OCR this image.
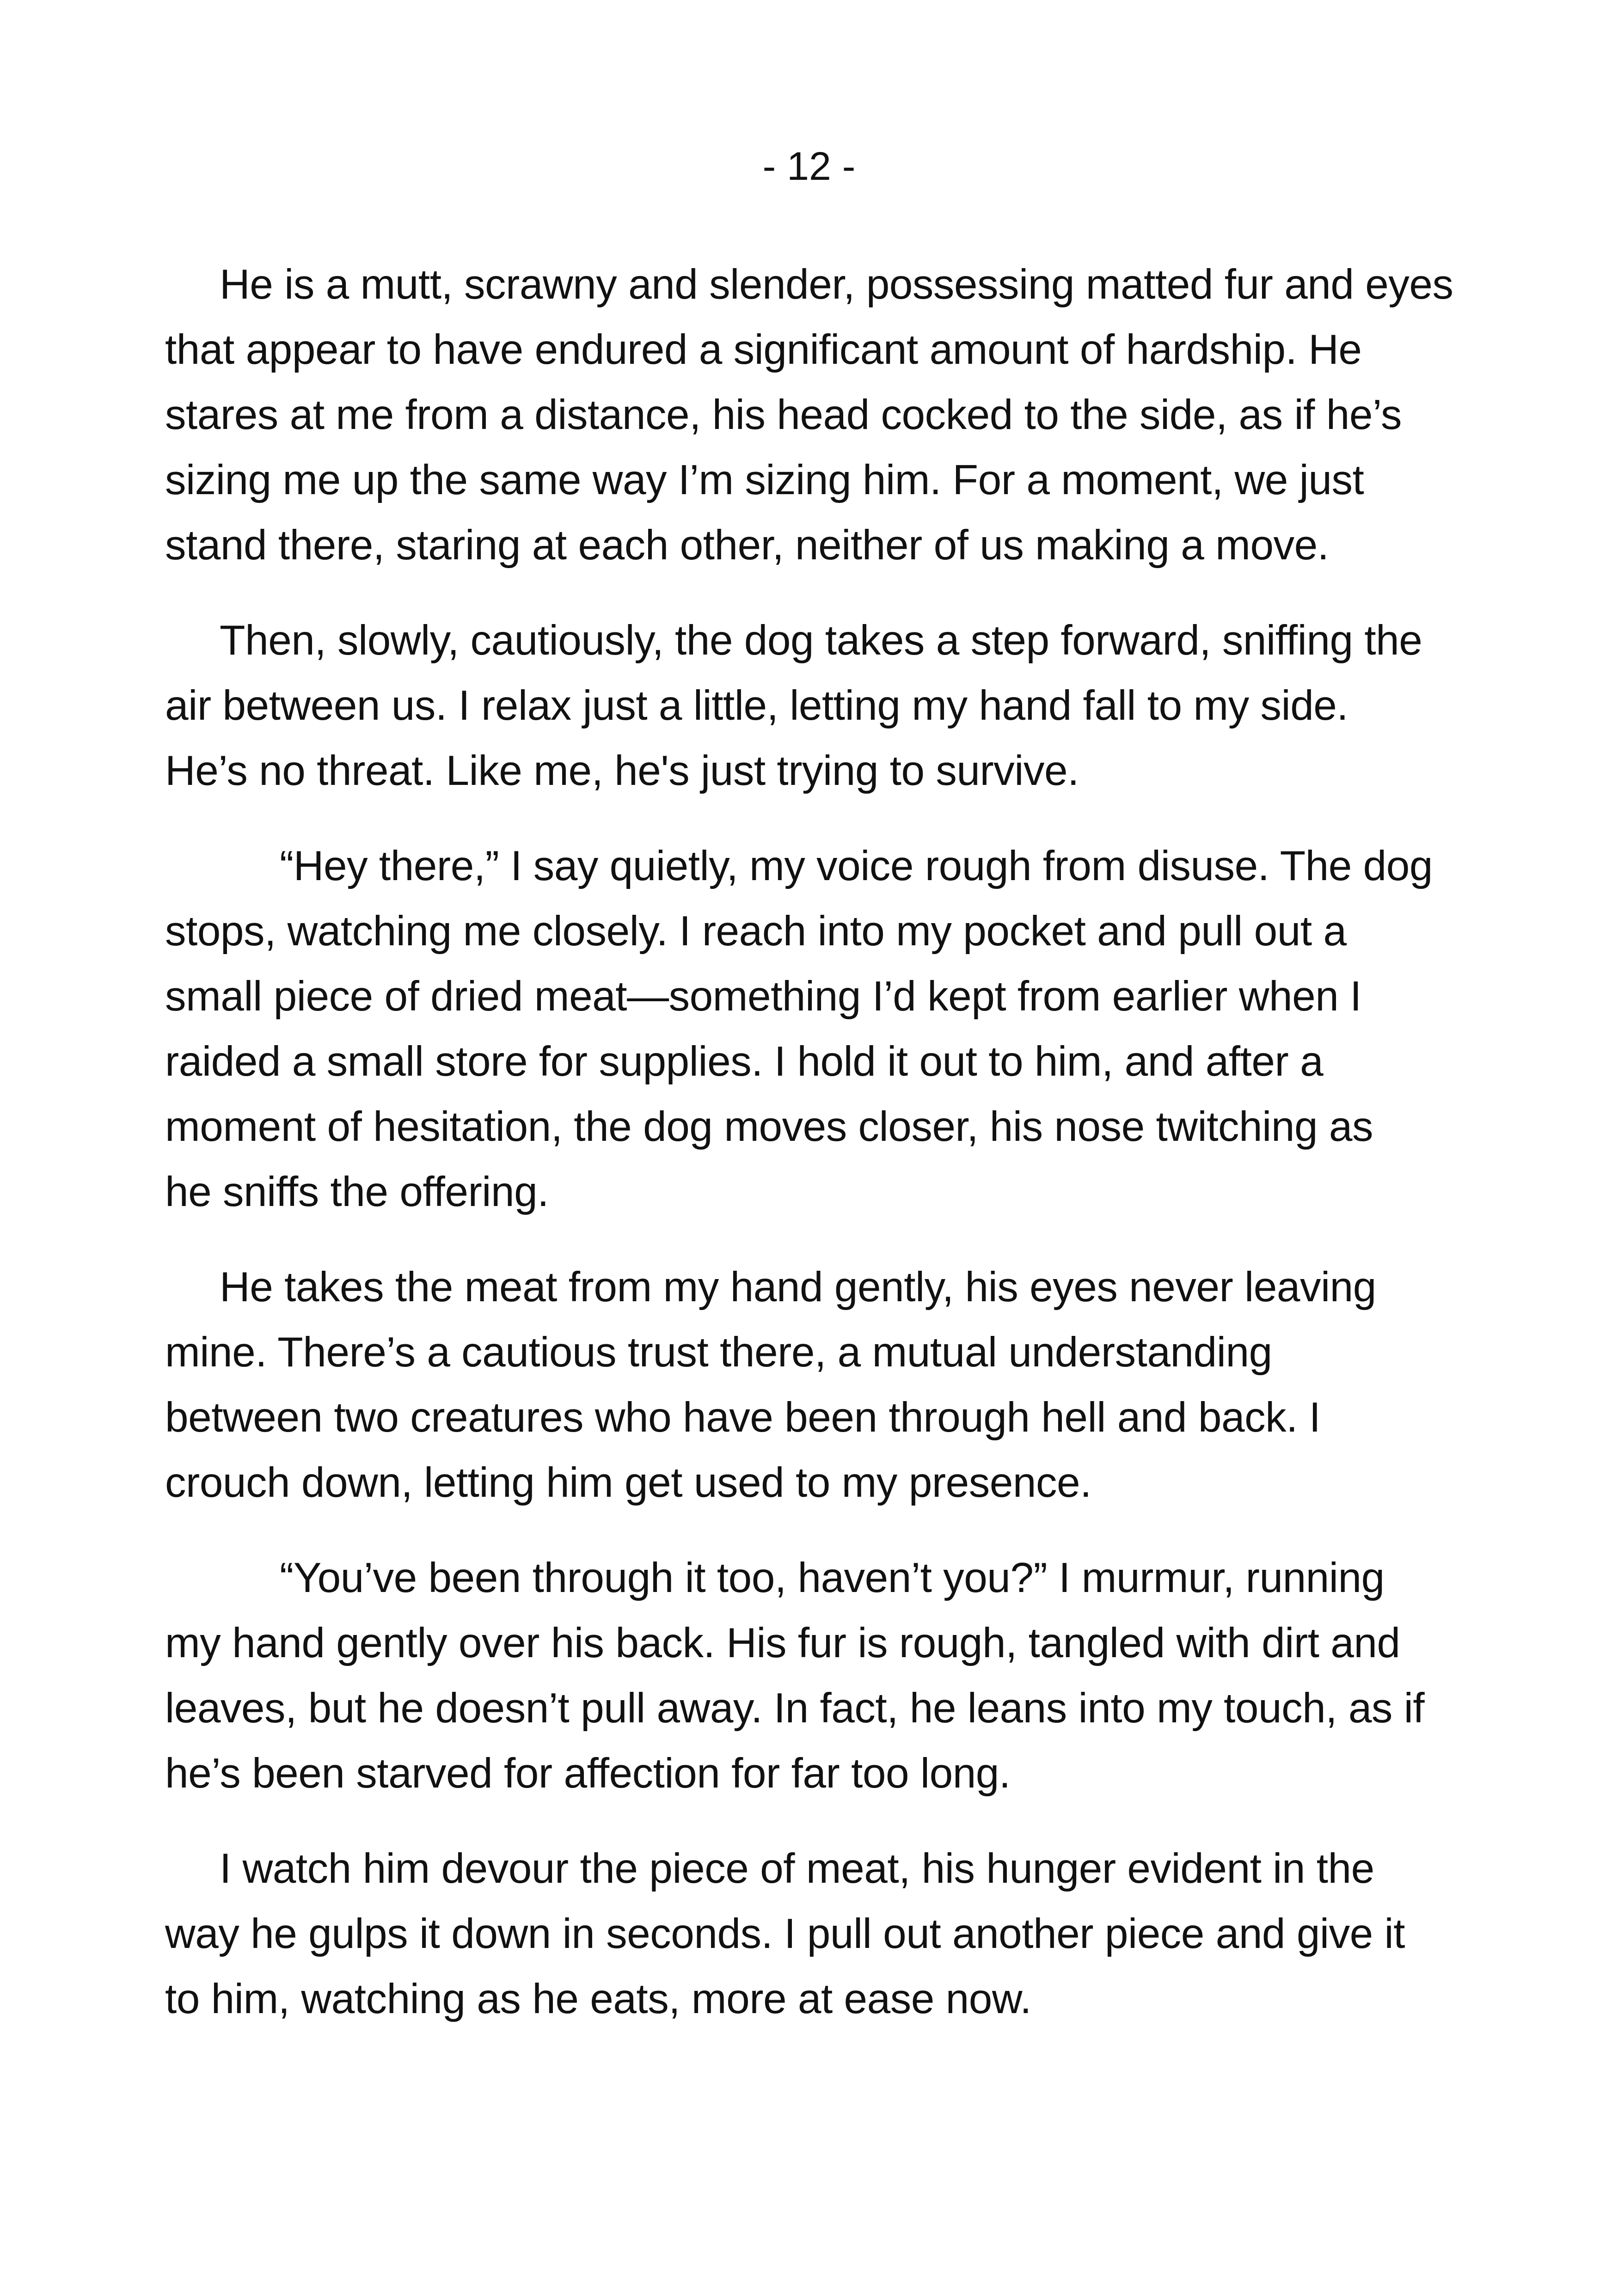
- 12 -

He is a mutt, scrawny and slender, possessing matted fur and eyes
that appear to have endured a significant amount of hardship. He
stares at me from a distance, his head cocked to the side, as if he’s
sizing me up the same way I’m sizing him. For a moment, we just
stand there, staring at each other, neither of us making a move.

Then, slowly, cautiously, the dog takes a step forward, sniffing the
air between us. I relax just a little, letting my hand fall to my side.
He’s no threat. Like me, he's just trying to survive.

“Hey there,” I say quietly, my voice rough from disuse. The dog
stops, watching me closely. I reach into my pocket and pull out a
small piece of dried meat—something I’d kept from earlier when I
raided a small store for supplies. I hold it out to him, and after a
moment of hesitation, the dog moves closer, his nose twitching as
he sniffs the offering.

He takes the meat from my hand gently, his eyes never leaving
mine. There’s a cautious trust there, a mutual understanding
between two creatures who have been through hell and back. I
crouch down, letting him get used to my presence.

“You’ve been through it too, haven’t you?” I murmur, running
my hand gently over his back. His fur is rough, tangled with dirt and
leaves, but he doesn’t pull away. In fact, he leans into my touch, as if
he’s been starved for affection for far too long.

I watch him devour the piece of meat, his hunger evident in the
way he gulps it down in seconds. I pull out another piece and give it
to him, watching as he eats, more at ease now.
